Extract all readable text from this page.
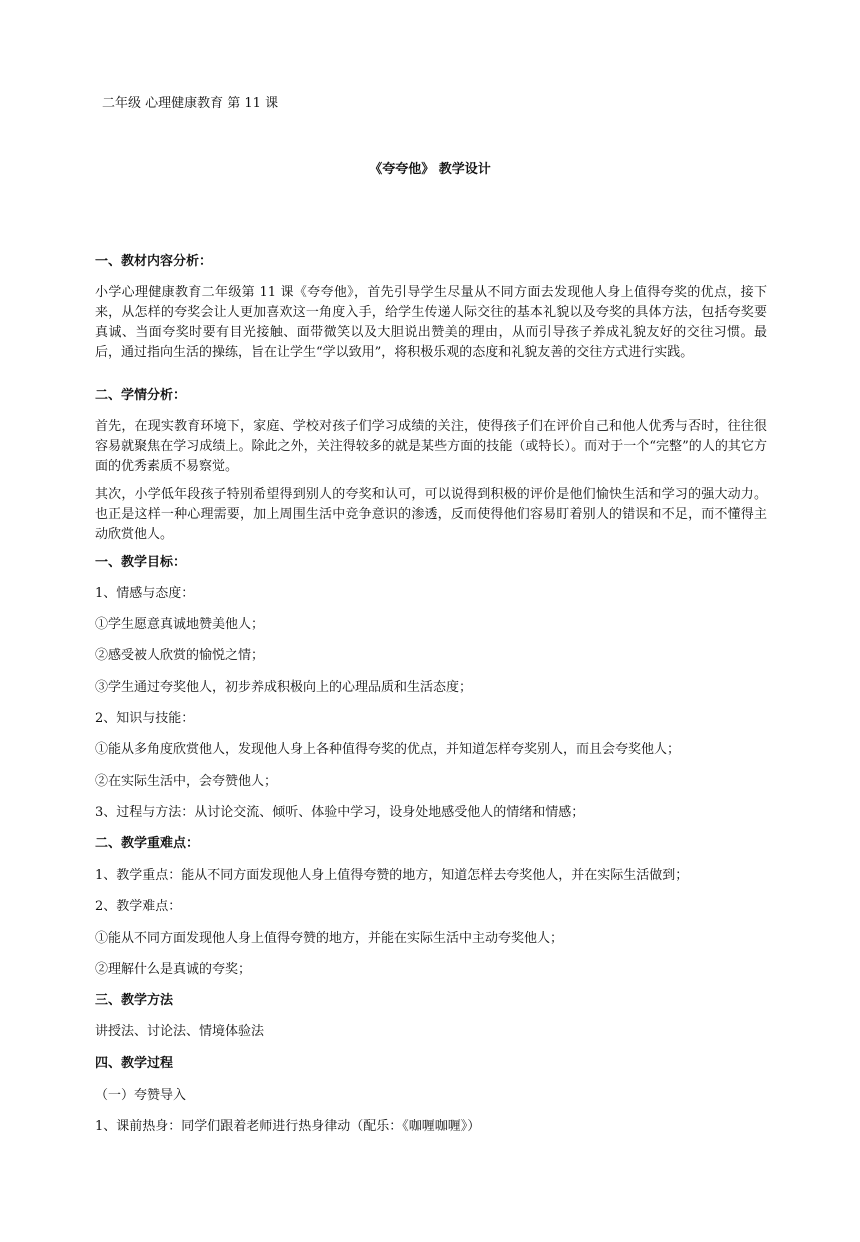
二年级 心理健康教育 第 11 课
《夸夸他》 教学设计
一、教材内容分析：
小学心理健康教育二年级第 11 课《夸夸他》，首先引导学生尽量从不同方面去发现他人身上值得夸奖的优点，接下来，从怎样的夸奖会让人更加喜欢这一角度入手，给学生传递人际交往的基本礼貌以及夸奖的具体方法，包括夸奖要真诚、当面夸奖时要有目光接触、面带微笑以及大胆说出赞美的理由，从而引导孩子养成礼貌友好的交往习惯。最后，通过指向生活的操练，旨在让学生“学以致用”，将积极乐观的态度和礼貌友善的交往方式进行实践。
二、学情分析：
首先，在现实教育环境下，家庭、学校对孩子们学习成绩的关注，使得孩子们在评价自己和他人优秀与否时，往往很容易就聚焦在学习成绩上。除此之外，关注得较多的就是某些方面的技能（或特长）。而对于一个“完整”的人的其它方面的优秀素质不易察觉。
其次，小学低年段孩子特别希望得到别人的夸奖和认可，可以说得到积极的评价是他们愉快生活和学习的强大动力。也正是这样一种心理需要，加上周围生活中竞争意识的渗透，反而使得他们容易盯着别人的错误和不足，而不懂得主动欣赏他人。
一、教学目标：
1、情感与态度：
①学生愿意真诚地赞美他人；
②感受被人欣赏的愉悦之情；
③学生通过夸奖他人，初步养成积极向上的心理品质和生活态度；
2、知识与技能：
①能从多角度欣赏他人，发现他人身上各种值得夸奖的优点，并知道怎样夸奖别人，而且会夸奖他人；
②在实际生活中，会夸赞他人；
3、过程与方法：从讨论交流、倾听、体验中学习，设身处地感受他人的情绪和情感；
二、教学重难点：
1、教学重点：能从不同方面发现他人身上值得夸赞的地方，知道怎样去夸奖他人，并在实际生活做到；
2、教学难点：
①能从不同方面发现他人身上值得夸赞的地方，并能在实际生活中主动夸奖他人；
②理解什么是真诚的夸奖；
三、教学方法
讲授法、讨论法、情境体验法
四、教学过程
（一）夸赞导入
1、课前热身：同学们跟着老师进行热身律动（配乐：《咖喱咖喱》）
